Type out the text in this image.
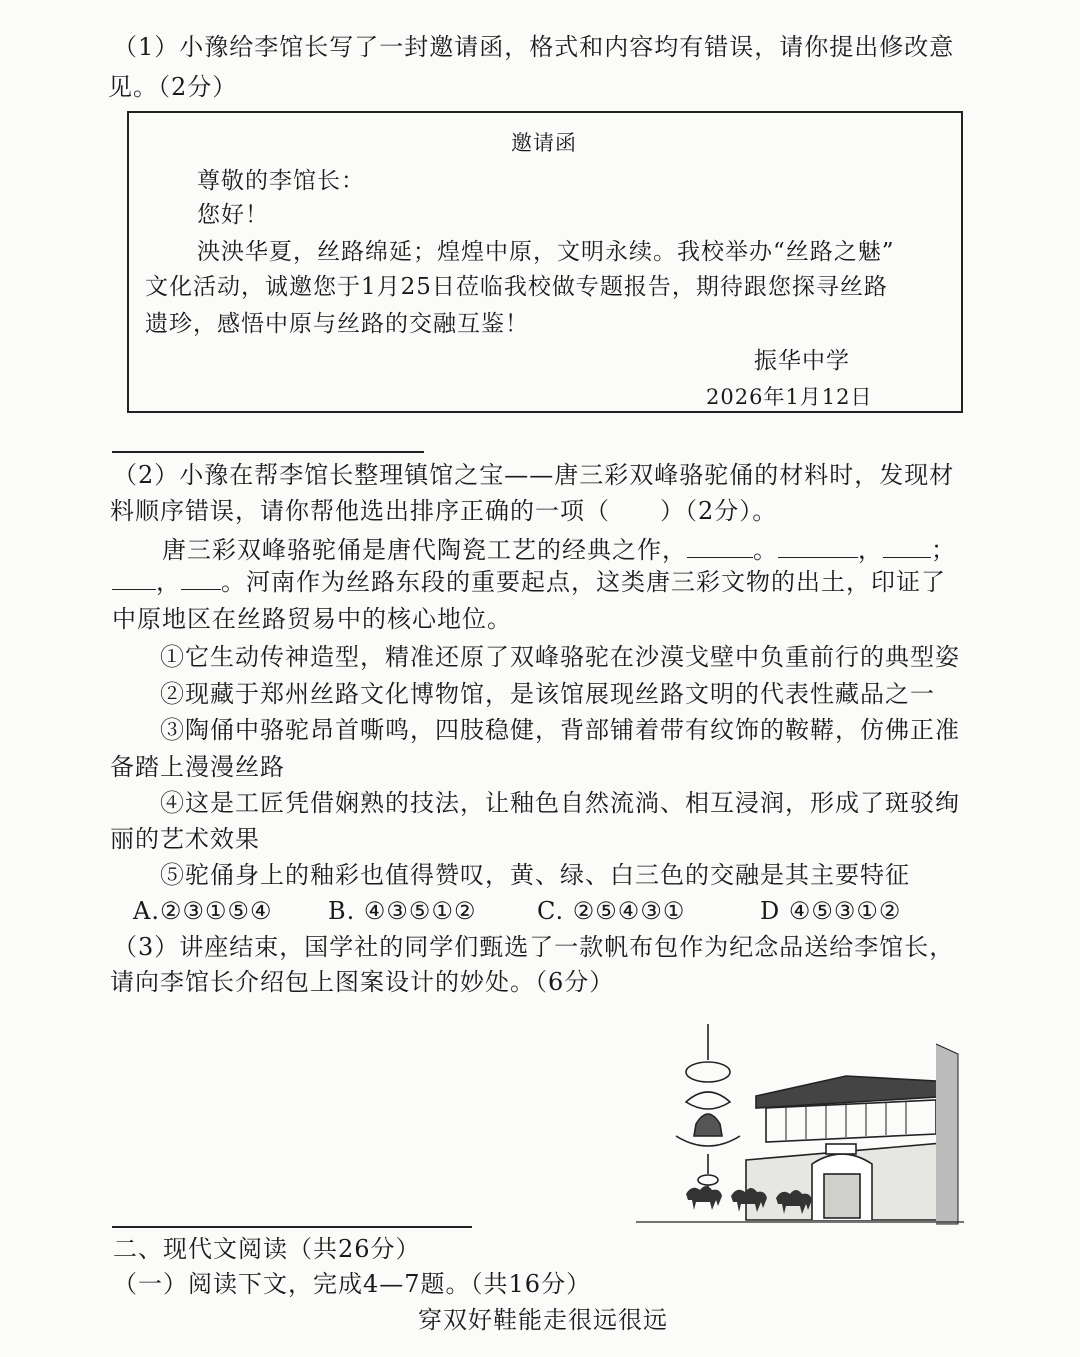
（1）小豫给李馆长写了一封邀请函，格式和内容均有错误，请你提出修改意
见。（2分）
邀请函
尊敬的李馆长：
您好！
泱泱华夏，丝路绵延；煌煌中原，文明永续。我校举办“丝路之魅”
文化活动，诚邀您于1月25日莅临我校做专题报告，期待跟您探寻丝路
遗珍，感悟中原与丝路的交融互鉴！
振华中学
2026年1月12日
（2）小豫在帮李馆长整理镇馆之宝——唐三彩双峰骆驼俑的材料时，发现材
料顺序错误，请你帮他选出排序正确的一项（　　）（2分）。
唐三彩双峰骆驼俑是唐代陶瓷工艺的经典之作，	。	， ；
， 。河南作为丝路东段的重要起点，这类唐三彩文物的出土，印证了
中原地区在丝路贸易中的核心地位。
①它生动传神造型，精准还原了双峰骆驼在沙漠戈壁中负重前行的典型姿
②现藏于郑州丝路文化博物馆，是该馆展现丝路文明的代表性藏品之一
③陶俑中骆驼昂首嘶鸣，四肢稳健，背部铺着带有纹饰的鞍鞯，仿佛正准
备踏上漫漫丝路
④这是工匠凭借娴熟的技法，让釉色自然流淌、相互浸润，形成了斑驳绚
丽的艺术效果
⑤驼俑身上的釉彩也值得赞叹，黄、绿、白三色的交融是其主要特征
A.②③①⑤④ B. ④③⑤①②	C. ②⑤④③①	D ④⑤③①②
（3）讲座结束，国学社的同学们甄选了一款帆布包作为纪念品送给李馆长，
请向李馆长介绍包上图案设计的妙处。（6分）
二、现代文阅读（共26分）
（一）阅读下文，完成4—7题。（共16分）
穿双好鞋能走很远很远
